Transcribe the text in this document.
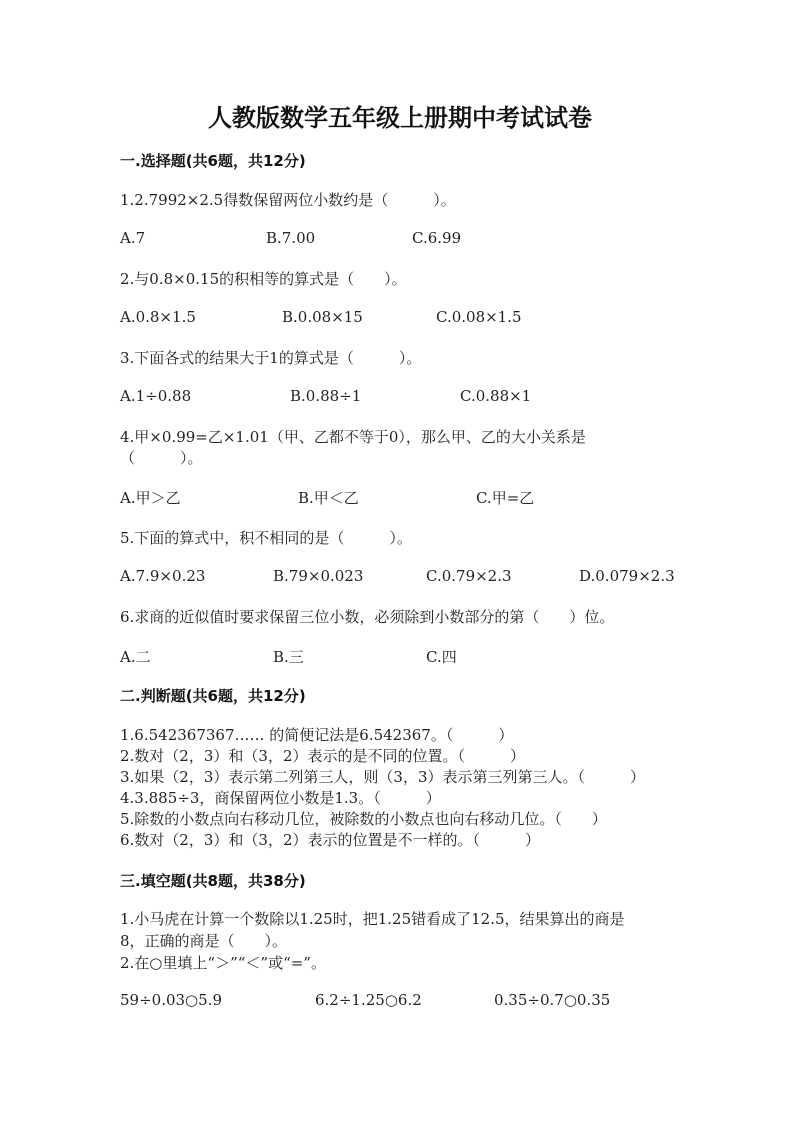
人教版数学五年级上册期中考试试卷
一.选择题(共6题，共12分)
1.2.7992×2.5得数保留两位小数约是（　　　）。
A.7	B.7.00	C.6.99
2.与0.8×0.15的积相等的算式是（　　）。
A.0.8×1.5	B.0.08×15	C.0.08×1.5
3.下面各式的结果大于1的算式是（　　　）。
A.1÷0.88	B.0.88÷1	C.0.88×1
4.甲×0.99=乙×1.01（甲、乙都不等于0），那么甲、乙的大小关系是
（　　　）。
A.甲＞乙	B.甲＜乙	C.甲=乙
5.下面的算式中，积不相同的是（　　　）。
A.7.9×0.23	B.79×0.023	C.0.79×2.3	D.0.079×2.3
6.求商的近似值时要求保留三位小数，必须除到小数部分的第（　　）位。
A.二	B.三	C.四
二.判断题(共6题，共12分)
1.6.542367367…… 的简便记法是6.542367。（　　　）
2.数对（2，3）和（3，2）表示的是不同的位置。（　　　）
3.如果（2，3）表示第二列第三人，则（3，3）表示第三列第三人。（　　　）
4.3.885÷3，商保留两位小数是1.3。（　　　）
5.除数的小数点向右移动几位，被除数的小数点也向右移动几位。（　　）
6.数对（2，3）和（3，2）表示的位置是不一样的。（　　　）
三.填空题(共8题，共38分)
1.小马虎在计算一个数除以1.25时，把1.25错看成了12.5，结果算出的商是
8，正确的商是（　　）。
2.在○里填上“＞”“＜”或“=”。
59÷0.03○5.9	6.2÷1.25○6.2	0.35÷0.7○0.35
